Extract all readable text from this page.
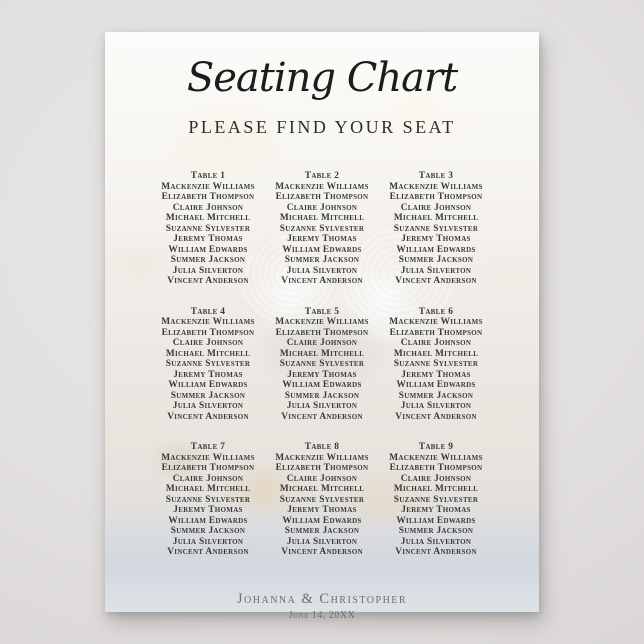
Seating Chart
PLEASE FIND YOUR SEAT
Table 1
Mackenzie Williams
Elizabeth Thompson
Claire Johnson
Michael Mitchell
Suzanne Sylvester
Jeremy Thomas
William Edwards
Summer Jackson
Julia Silverton
Vincent Anderson
Table 2
Mackenzie Williams
Elizabeth Thompson
Claire Johnson
Michael Mitchell
Suzanne Sylvester
Jeremy Thomas
William Edwards
Summer Jackson
Julia Silverton
Vincent Anderson
Table 3
Mackenzie Williams
Elizabeth Thompson
Claire Johnson
Michael Mitchell
Suzanne Sylvester
Jeremy Thomas
William Edwards
Summer Jackson
Julia Silverton
Vincent Anderson
Table 4
Mackenzie Williams
Elizabeth Thompson
Claire Johnson
Michael Mitchell
Suzanne Sylvester
Jeremy Thomas
William Edwards
Summer Jackson
Julia Silverton
Vincent Anderson
Table 5
Mackenzie Williams
Elizabeth Thompson
Claire Johnson
Michael Mitchell
Suzanne Sylvester
Jeremy Thomas
William Edwards
Summer Jackson
Julia Silverton
Vincent Anderson
Table 6
Mackenzie Williams
Elizabeth Thompson
Claire Johnson
Michael Mitchell
Suzanne Sylvester
Jeremy Thomas
William Edwards
Summer Jackson
Julia Silverton
Vincent Anderson
Table 7
Mackenzie Williams
Elizabeth Thompson
Claire Johnson
Michael Mitchell
Suzanne Sylvester
Jeremy Thomas
William Edwards
Summer Jackson
Julia Silverton
Vincent Anderson
Table 8
Mackenzie Williams
Elizabeth Thompson
Claire Johnson
Michael Mitchell
Suzanne Sylvester
Jeremy Thomas
William Edwards
Summer Jackson
Julia Silverton
Vincent Anderson
Table 9
Mackenzie Williams
Elizabeth Thompson
Claire Johnson
Michael Mitchell
Suzanne Sylvester
Jeremy Thomas
William Edwards
Summer Jackson
Julia Silverton
Vincent Anderson
Johanna & Christopher
June 14, 20XX
